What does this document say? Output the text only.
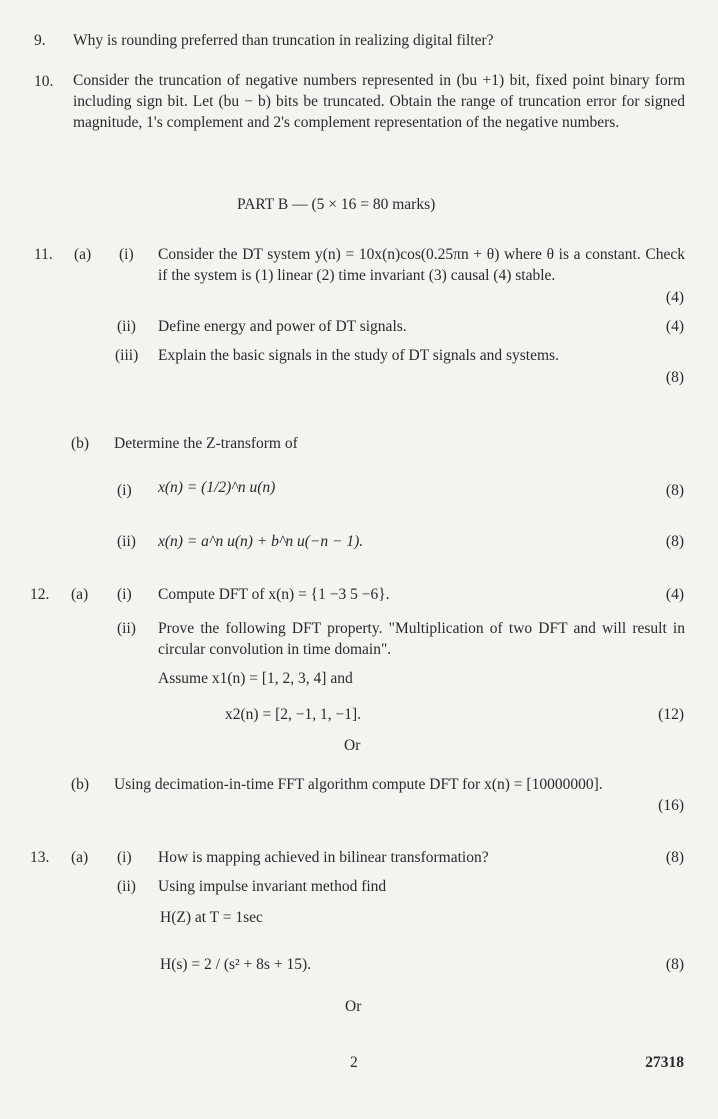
9. Why is rounding preferred than truncation in realizing digital filter?
10. Consider the truncation of negative numbers represented in (bu +1) bit, fixed point binary form including sign bit. Let (bu − b) bits be truncated. Obtain the range of truncation error for signed magnitude, 1's complement and 2's complement representation of the negative numbers.
PART B — (5 × 16 = 80 marks)
11. (a) (i) Consider the DT system y(n) = 10x(n)cos(0.25πn + θ) where θ is a constant. Check if the system is (1) linear (2) time invariant (3) causal (4) stable.
(4)
(ii) Define energy and power of DT signals.	(4)
(iii) Explain the basic signals in the study of DT signals and systems.
(8)
(b) Determine the Z-transform of
(i) x(n) = (1/2)^n u(n)	(8)
(ii) x(n) = a^n u(n) + b^n u(−n − 1).	(8)
12. (a) (i) Compute DFT of x(n) = {1 −3 5 −6}.	(4)
(ii) Prove the following DFT property. "Multiplication of two DFT and will result in circular convolution in time domain".
Assume x1(n) = [1, 2, 3, 4] and
x2(n) = [2, −1, 1, −1].	(12)
Or
(b) Using decimation-in-time FFT algorithm compute DFT for x(n) = [10000000].
(16)
13. (a) (i) How is mapping achieved in bilinear transformation?	(8)
(ii) Using impulse invariant method find
H(Z) at T = 1sec
H(s) = 2 / (s² + 8s + 15).	(8)
Or
2	27318
